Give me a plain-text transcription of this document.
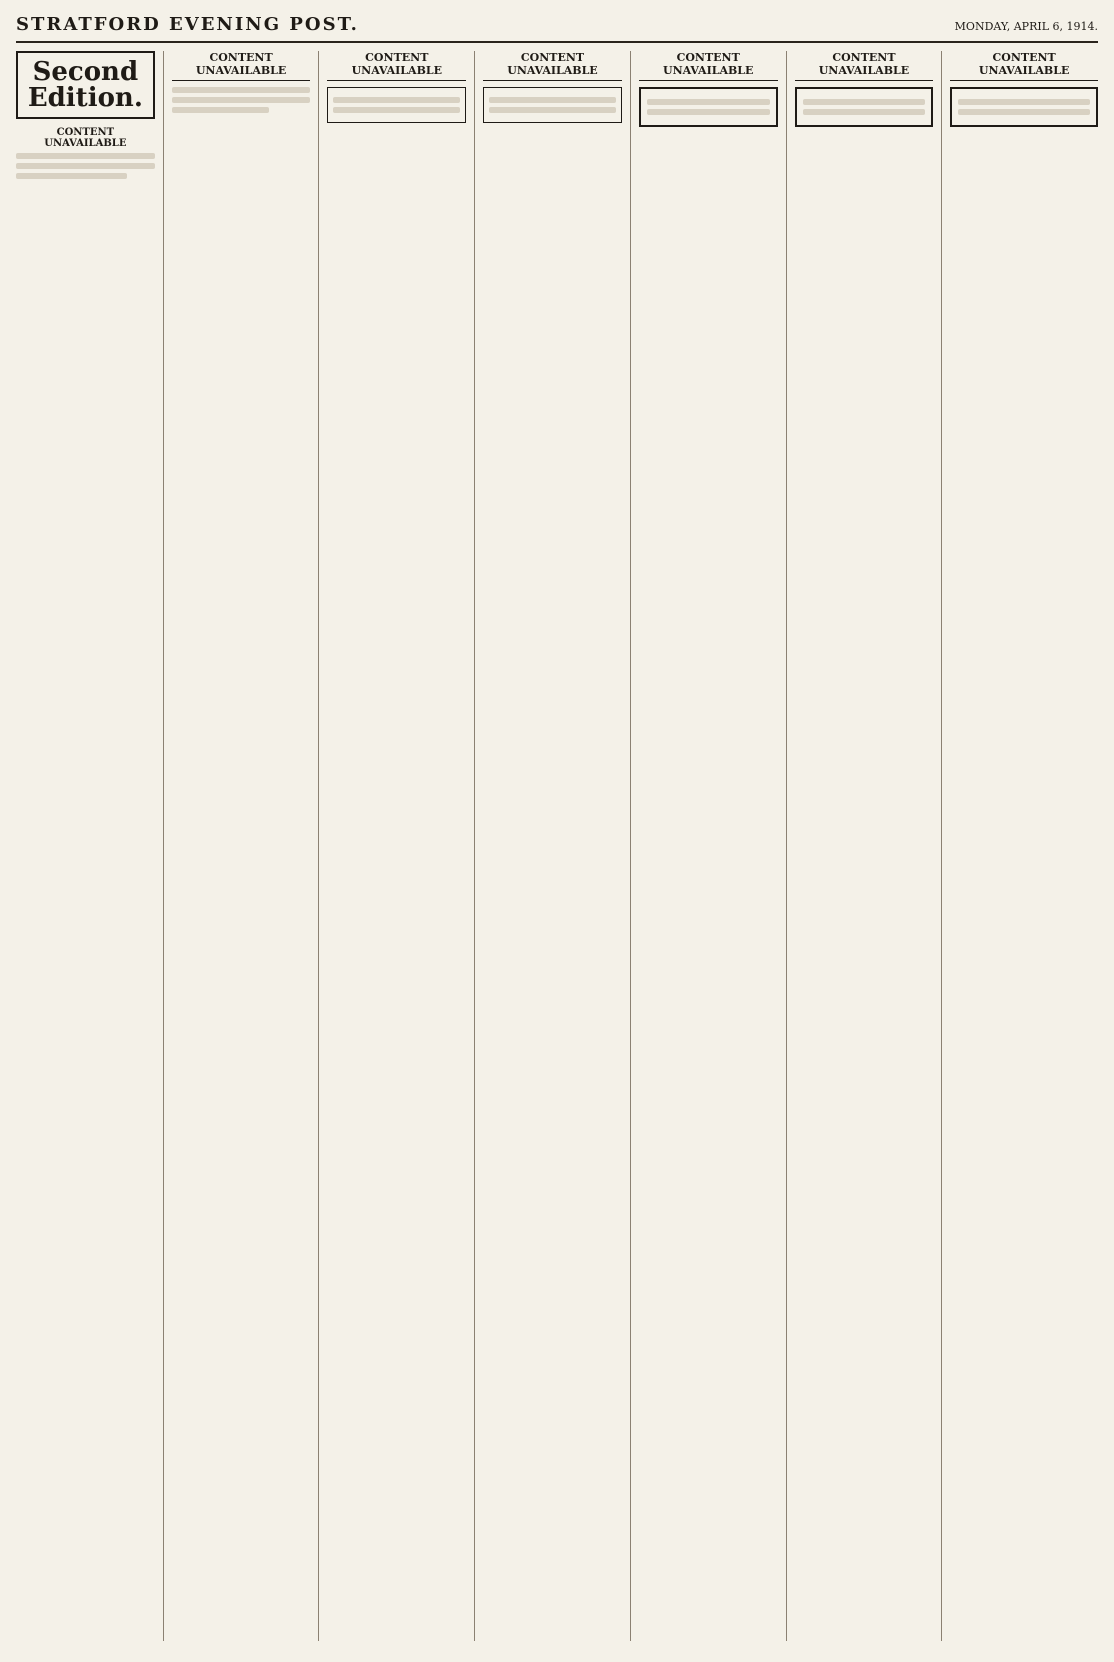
STRATFORD EVENING POST.	MONDAY, APRIL 6, 1914.
Second Edition.
CONTENT UNAVAILABLE
CONTENT UNAVAILABLE
CONTENT UNAVAILABLE
CONTENT UNAVAILABLE
CONTENT UNAVAILABLE
CONTENT UNAVAILABLE
CONTENT UNAVAILABLE
